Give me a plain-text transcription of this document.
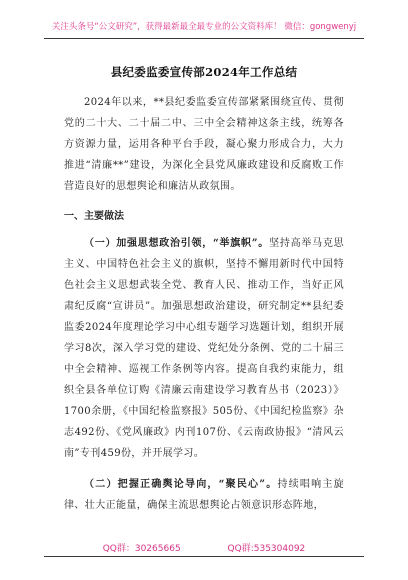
关注头条号“公文研究”，获得最新最全最专业的公文资料库！ 微信：gongwenyj
县纪委监委宣传部2024年工作总结

2024年以来，**县纪委监委宣传部紧紧围绕宣传、贯彻党的二十大、二十届二中、三中全会精神这条主线，统筹各方资源力量，运用各种平台手段，凝心聚力形成合力，大力推进“清廉**”建设，为深化全县党风廉政建设和反腐败工作营造良好的思想舆论和廉洁从政氛围。

一、主要做法

（一）加强思想政治引领，“举旗帜”。坚持高举马克思主义、中国特色社会主义的旗帜，坚持不懈用新时代中国特色社会主义思想武装全党、教育人民、推动工作，当好正风肃纪反腐“宣讲员”。加强思想政治建设，研究制定**县纪委监委2024年度理论学习中心组专题学习选题计划，组织开展学习8次，深入学习党的建设、党纪处分条例、党的二十届三中全会精神、巡视工作条例等内容。提高自我约束能力，组织全县各单位订购《清廉云南建设学习教育丛书（2023）》1700余册，《中国纪检监察报》505份、《中国纪检监察》杂志492份、《党风廉政》内刊107份、《云南政协报》“清风云南”专刊459份，并开展学习。

（二）把握正确舆论导向，“聚民心”。持续唱响主旋律、壮大正能量，确保主流思想舆论占领意识形态阵地，

QQ群：30265665	QQ群:535304092
